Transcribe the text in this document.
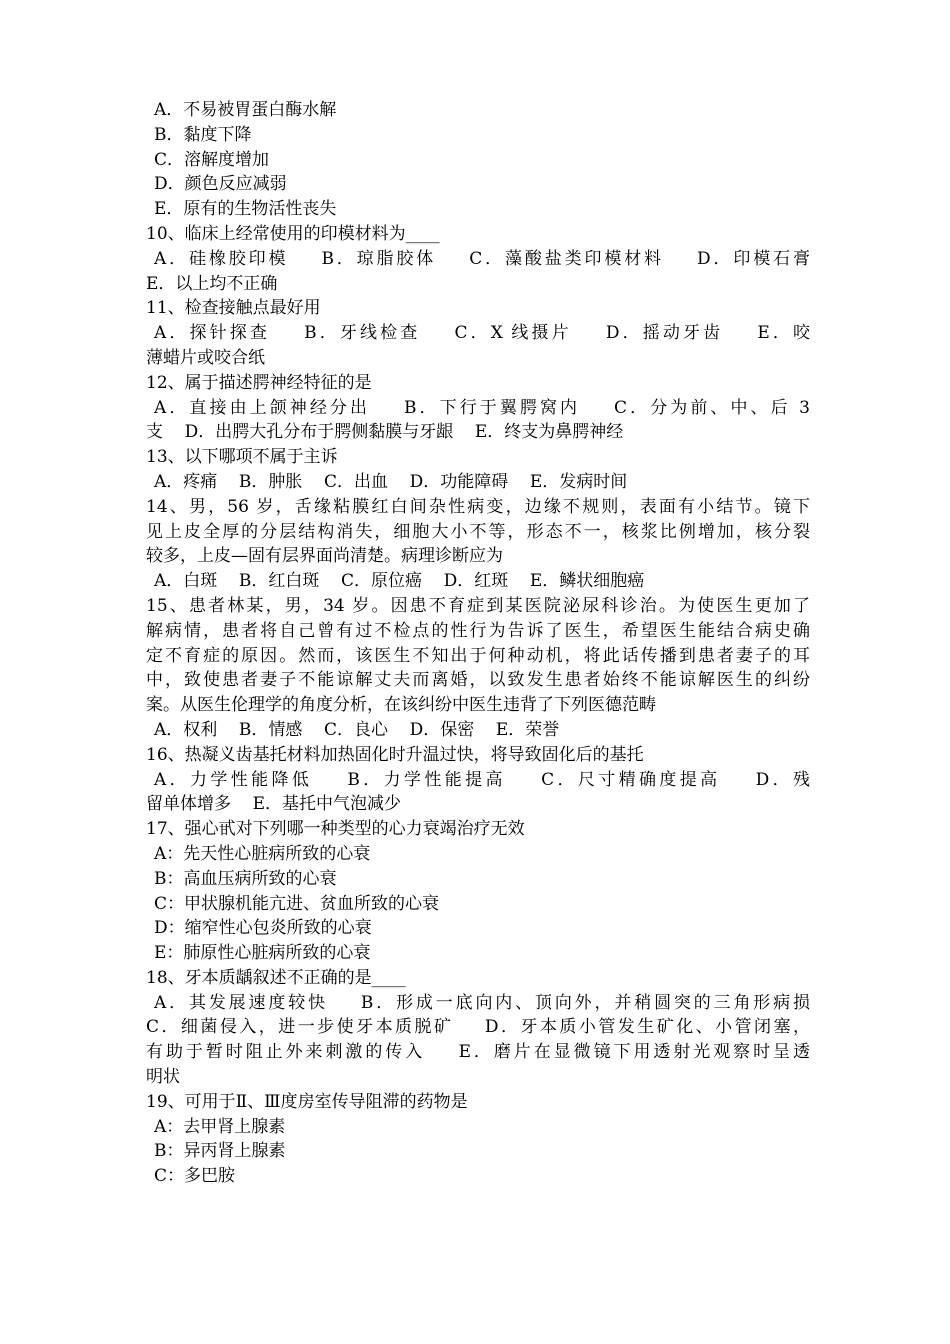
A．不易被胃蛋白酶水解
B．黏度下降
C．溶解度增加
D．颜色反应减弱
E．原有的生物活性丧失
10、临床上经常使用的印模材料为____
A．硅橡胶印模    B．琼脂胶体    C．藻酸盐类印模材料    D．印模石膏
E．以上均不正确
11、检查接触点最好用
A．探针探查    B．牙线检查    C．X 线摄片    D．摇动牙齿    E．咬
薄蜡片或咬合纸
12、属于描述腭神经特征的是
A．直接由上颌神经分出    B．下行于翼腭窝内    C．分为前、中、后 3
支    D．出腭大孔分布于腭侧黏膜与牙龈    E．终支为鼻腭神经
13、以下哪项不属于主诉
A．疼痛    B．肿胀    C．出血    D．功能障碍    E．发病时间
14、男，56 岁，舌缘粘膜红白间杂性病变，边缘不规则，表面有小结节。镜下
见上皮全厚的分层结构消失，细胞大小不等，形态不一，核浆比例增加，核分裂
较多，上皮—固有层界面尚清楚。病理诊断应为
A．白斑    B．红白斑    C．原位癌    D．红斑    E．鳞状细胞癌
15、患者林某，男，34 岁。因患不育症到某医院泌尿科诊治。为使医生更加了
解病情，患者将自己曾有过不检点的性行为告诉了医生，希望医生能结合病史确
定不育症的原因。然而，该医生不知出于何种动机，将此话传播到患者妻子的耳
中，致使患者妻子不能谅解丈夫而离婚，以致发生患者始终不能谅解医生的纠纷
案。从医生伦理学的角度分析，在该纠纷中医生违背了下列医德范畴
A．权利    B．情感    C．良心    D．保密    E．荣誉
16、热凝义齿基托材料加热固化时升温过快，将导致固化后的基托
A．力学性能降低    B．力学性能提高    C．尺寸精确度提高    D．残
留单体增多    E．基托中气泡减少
17、强心甙对下列哪一种类型的心力衰竭治疗无效
A：先天性心脏病所致的心衰
B：高血压病所致的心衰
C：甲状腺机能亢进、贫血所致的心衰
D：缩窄性心包炎所致的心衰
E：肺原性心脏病所致的心衰
18、牙本质龋叙述不正确的是____
A．其发展速度较快    B．形成一底向内、顶向外，并稍圆突的三角形病损
C．细菌侵入，进一步使牙本质脱矿    D．牙本质小管发生矿化、小管闭塞，
有助于暂时阻止外来刺激的传入    E．磨片在显微镜下用透射光观察时呈透
明状
19、可用于Ⅱ、Ⅲ度房室传导阻滞的药物是
A：去甲肾上腺素
B：异丙肾上腺素
C：多巴胺
